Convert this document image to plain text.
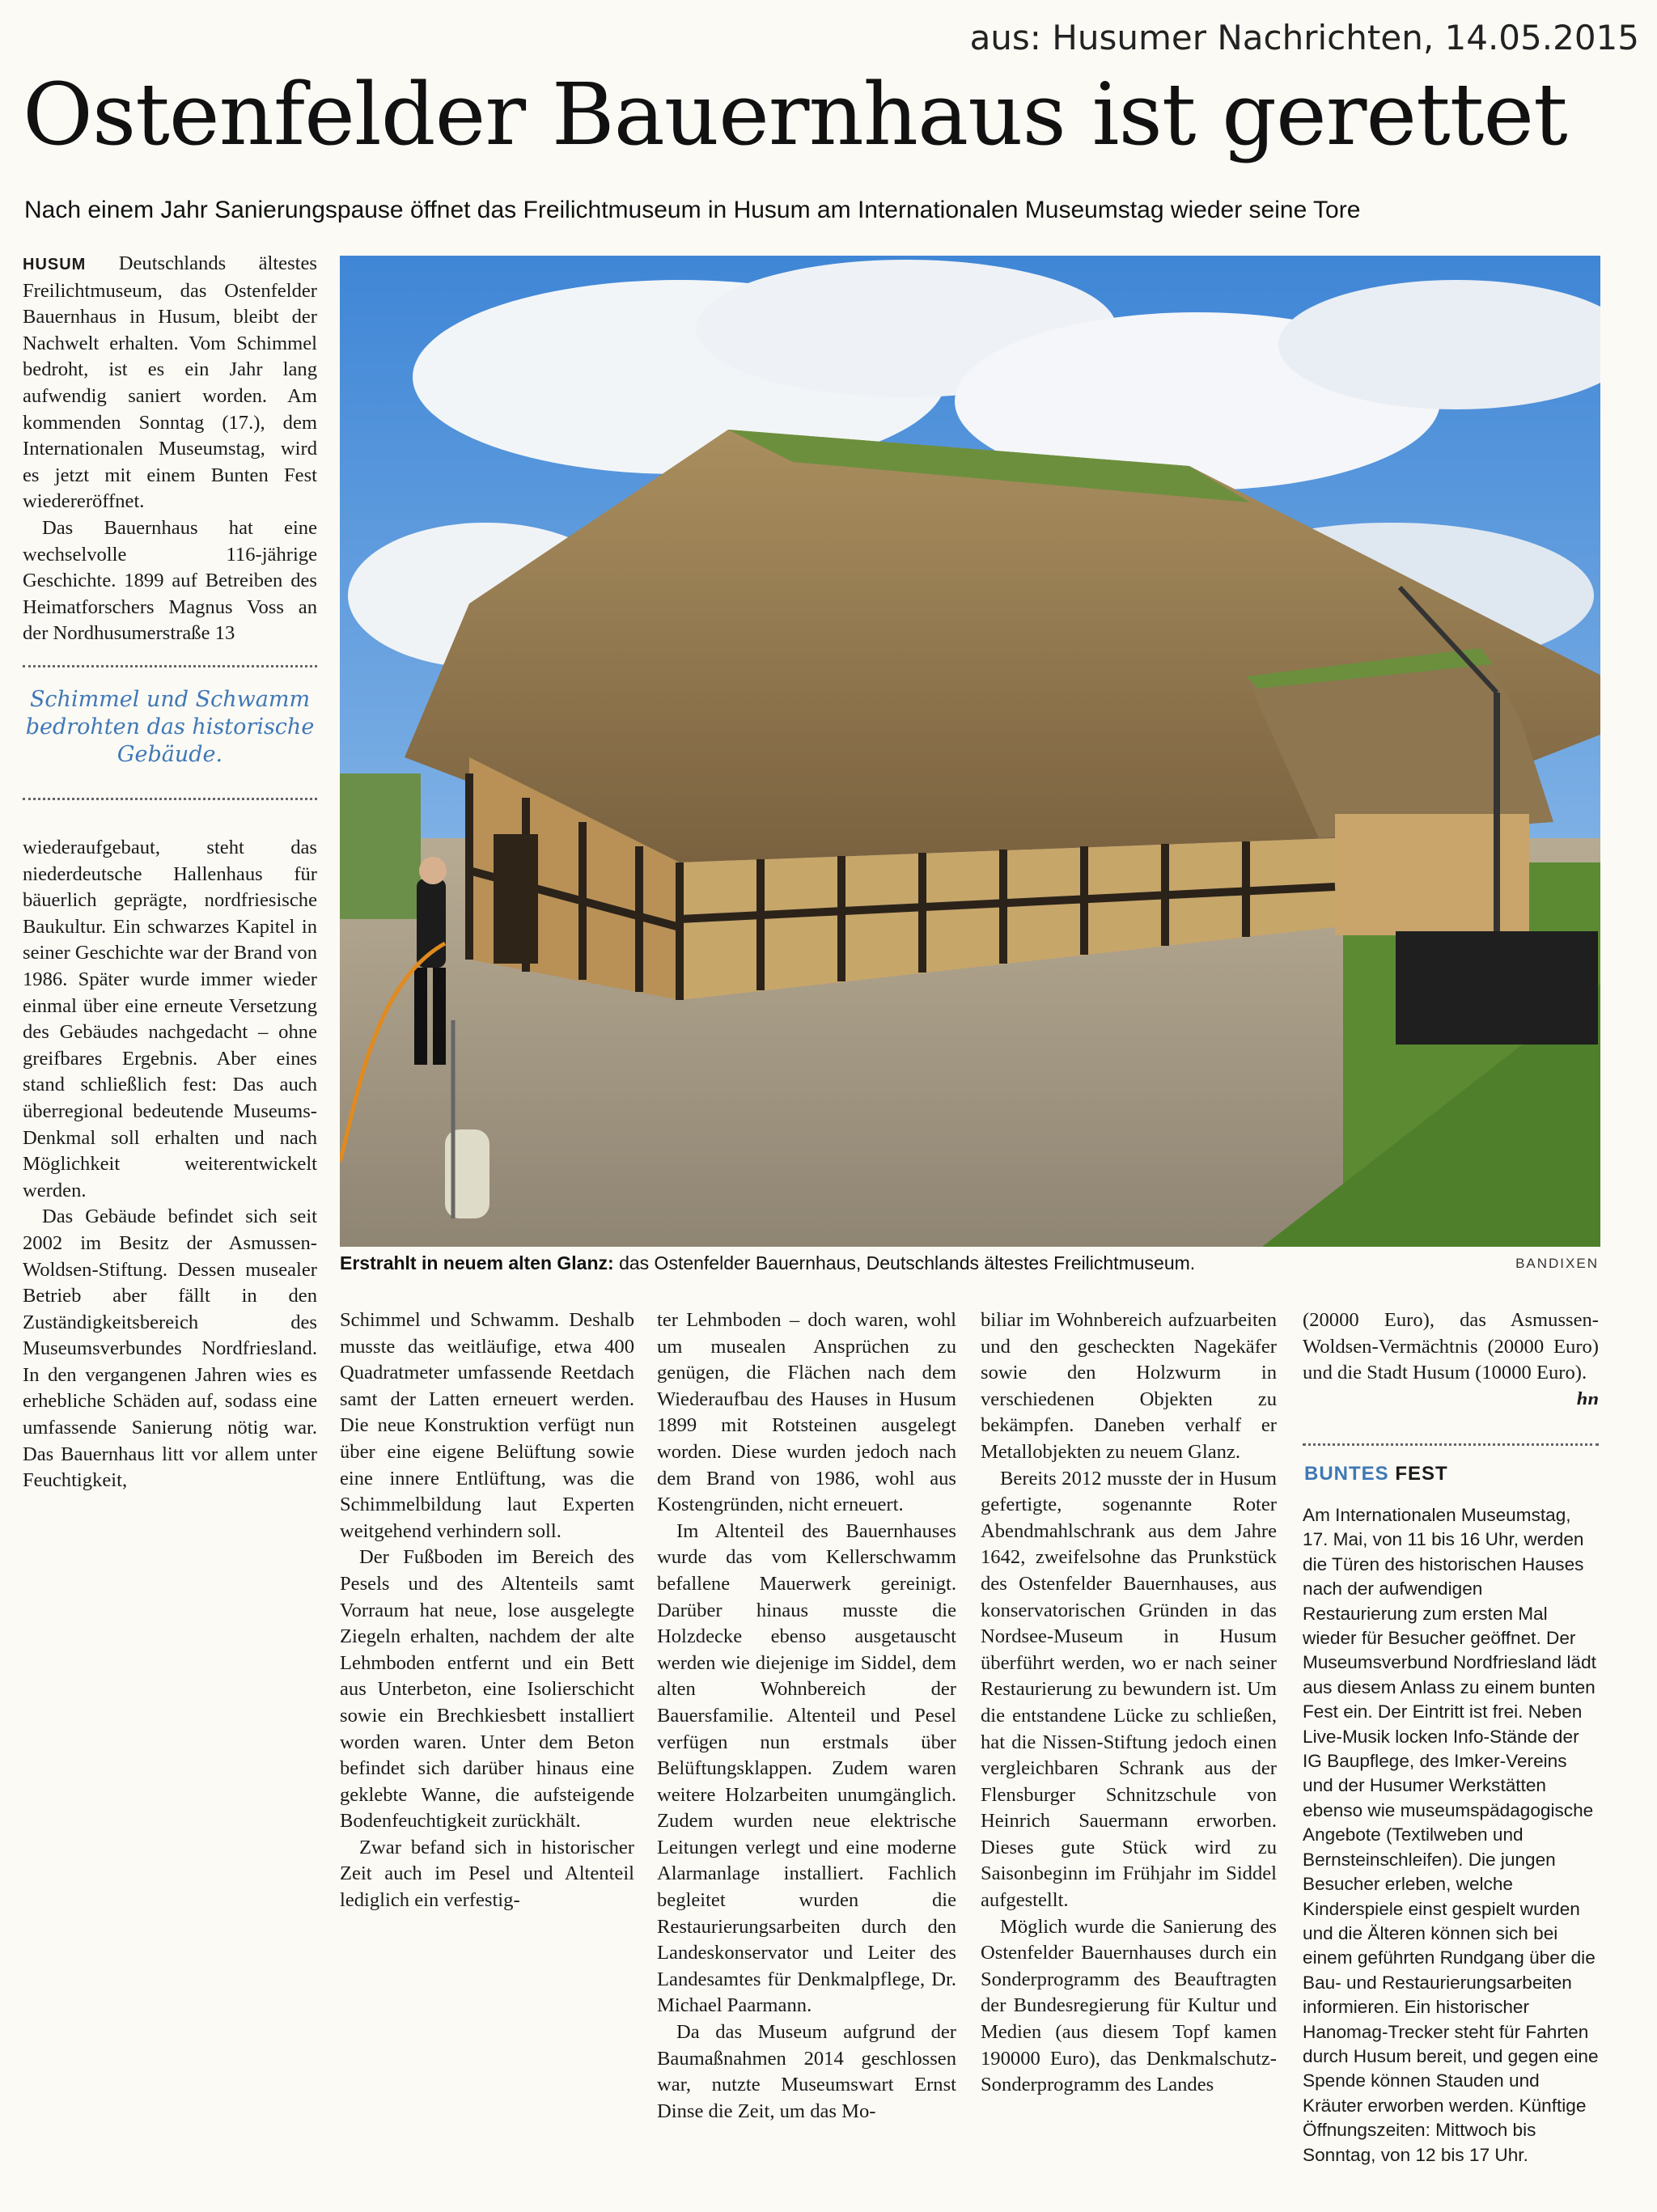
aus: Husumer Nachrichten, 14.05.2015
Ostenfelder Bauernhaus ist gerettet
Nach einem Jahr Sanierungspause öffnet das Freilichtmuseum in Husum am Internationalen Museumstag wieder seine Tore

HUSUM Deutschlands ältestes Freilichtmuseum, das Ostenfelder Bauernhaus in Husum, bleibt der Nachwelt erhalten. Vom Schimmel bedroht, ist es ein Jahr lang aufwendig saniert worden. Am kommenden Sonntag (17.), dem Internationalen Museumstag, wird es jetzt mit einem Bunten Fest wiedereröffnet.

Das Bauernhaus hat eine wechselvolle 116-jährige Geschichte. 1899 auf Betreiben des Heimatforschers Magnus Voss an der Nordhusumerstraße 13

Schimmel und Schwamm bedrohten das historische Gebäude.

wiederaufgebaut, steht das niederdeutsche Hallenhaus für bäuerlich geprägte, nordfriesische Baukultur. Ein schwarzes Kapitel in seiner Geschichte war der Brand von 1986. Später wurde immer wieder einmal über eine erneute Versetzung des Gebäudes nachgedacht – ohne greifbares Ergebnis. Aber eines stand schließlich fest: Das auch überregional bedeutende Museums-Denkmal soll erhalten und nach Möglichkeit weiterentwickelt werden.

Das Gebäude befindet sich seit 2002 im Besitz der Asmussen-Woldsen-Stiftung. Dessen musealer Betrieb aber fällt in den Zuständigkeitsbereich des Museumsverbundes Nordfriesland. In den vergangenen Jahren wies es erhebliche Schäden auf, sodass eine umfassende Sanierung nötig war. Das Bauernhaus litt vor allem unter Feuchtigkeit,

Erstrahlt in neuem alten Glanz: das Ostenfelder Bauernhaus, Deutschlands ältestes Freilichtmuseum.	BANDIXEN

Schimmel und Schwamm. Deshalb musste das weitläufige, etwa 400 Quadratmeter umfassende Reetdach samt der Latten erneuert werden. Die neue Konstruktion verfügt nun über eine eigene Belüftung sowie eine innere Entlüftung, was die Schimmelbildung laut Experten weitgehend verhindern soll.

Der Fußboden im Bereich des Pesels und des Altenteils samt Vorraum hat neue, lose ausgelegte Ziegeln erhalten, nachdem der alte Lehmboden entfernt und ein Bett aus Unterbeton, eine Isolierschicht sowie ein Brechkiesbett installiert worden waren. Unter dem Beton befindet sich darüber hinaus eine geklebte Wanne, die aufsteigende Bodenfeuchtigkeit zurückhält.

Zwar befand sich in historischer Zeit auch im Pesel und Altenteil lediglich ein verfestig-

ter Lehmboden – doch waren, wohl um musealen Ansprüchen zu genügen, die Flächen nach dem Wiederaufbau des Hauses in Husum 1899 mit Rotsteinen ausgelegt worden. Diese wurden jedoch nach dem Brand von 1986, wohl aus Kostengründen, nicht erneuert.

Im Altenteil des Bauernhauses wurde das vom Kellerschwamm befallene Mauerwerk gereinigt. Darüber hinaus musste die Holzdecke ebenso ausgetauscht werden wie diejenige im Siddel, dem alten Wohnbereich der Bauersfamilie. Altenteil und Pesel verfügen nun erstmals über Belüftungsklappen. Zudem waren weitere Holzarbeiten unumgänglich. Zudem wurden neue elektrische Leitungen verlegt und eine moderne Alarmanlage installiert. Fachlich begleitet wurden die Restaurierungsarbeiten durch den Landeskonservator und Leiter des Landesamtes für Denkmalpflege, Dr. Michael Paarmann.

Da das Museum aufgrund der Baumaßnahmen 2014 geschlossen war, nutzte Museumswart Ernst Dinse die Zeit, um das Mo-

biliar im Wohnbereich aufzuarbeiten und den gescheckten Nagekäfer sowie den Holzwurm in verschiedenen Objekten zu bekämpfen. Daneben verhalf er Metallobjekten zu neuem Glanz.

Bereits 2012 musste der in Husum gefertigte, sogenannte Roter Abendmahlschrank aus dem Jahre 1642, zweifelsohne das Prunkstück des Ostenfelder Bauernhauses, aus konservatorischen Gründen in das Nordsee-Museum in Husum überführt werden, wo er nach seiner Restaurierung zu bewundern ist. Um die entstandene Lücke zu schließen, hat die Nissen-Stiftung jedoch einen vergleichbaren Schrank aus der Flensburger Schnitzschule von Heinrich Sauermann erworben. Dieses gute Stück wird zu Saisonbeginn im Frühjahr im Siddel aufgestellt.

Möglich wurde die Sanierung des Ostenfelder Bauernhauses durch ein Sonderprogramm des Beauftragten der Bundesregierung für Kultur und Medien (aus diesem Topf kamen 190000 Euro), das Denkmalschutz-Sonderprogramm des Landes

(20000 Euro), das Asmussen-Woldsen-Vermächtnis (20000 Euro) und die Stadt Husum (10000 Euro).
hn

BUNTES FEST
Am Internationalen Museumstag, 17. Mai, von 11 bis 16 Uhr, werden die Türen des historischen Hauses nach der aufwendigen Restaurierung zum ersten Mal wieder für Besucher geöffnet. Der Museumsverbund Nordfriesland lädt aus diesem Anlass zu einem bunten Fest ein. Der Eintritt ist frei. Neben Live-Musik locken Info-Stände der IG Baupflege, des Imker-Vereins und der Husumer Werkstätten ebenso wie museumspädagogische Angebote (Textilweben und Bernsteinschleifen). Die jungen Besucher erleben, welche Kinderspiele einst gespielt wurden und die Älteren können sich bei einem geführten Rundgang über die Bau- und Restaurierungsarbeiten informieren. Ein historischer Hanomag-Trecker steht für Fahrten durch Husum bereit, und gegen eine Spende können Stauden und Kräuter erworben werden. Künftige Öffnungszeiten: Mittwoch bis Sonntag, von 12 bis 17 Uhr.
